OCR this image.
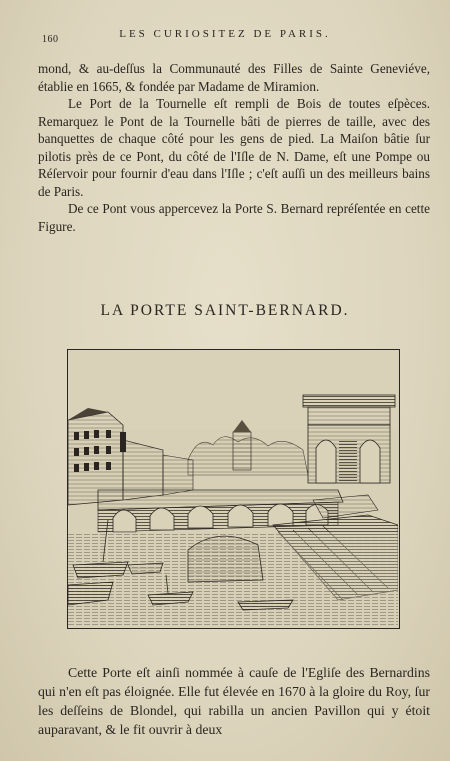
160	LES CURIOSITEZ DE PARIS.

mond, & au-deſſus la Communauté des Filles de Sainte Geneviéve, établie en 1665, & fondée par Madame de Miramion.

Le Port de la Tournelle eſt rempli de Bois de toutes eſpèces. Remarquez le Pont de la Tournelle bâti de pierres de taille, avec des banquettes de chaque côté pour les gens de pied. La Maiſon bâtie ſur pilotis près de ce Pont, du côté de l'Iſle de N. Dame, eſt une Pompe ou Réſervoir pour fournir d'eau dans l'Iſle ; c'eſt auſſi un des meilleurs bains de Paris.

De ce Pont vous appercevez la Porte S. Bernard repréſentée en cette Figure.

LA PORTE SAINT-BERNARD.

Cette Porte eſt ainſi nommée à cauſe de l'Egliſe des Bernardins qui n'en eſt pas éloignée. Elle fut élevée en 1670 à la gloire du Roy, ſur les deſſeins de Blondel, qui rabilla un ancien Pavillon qui y étoit auparavant, & le fit ouvrir à deux
